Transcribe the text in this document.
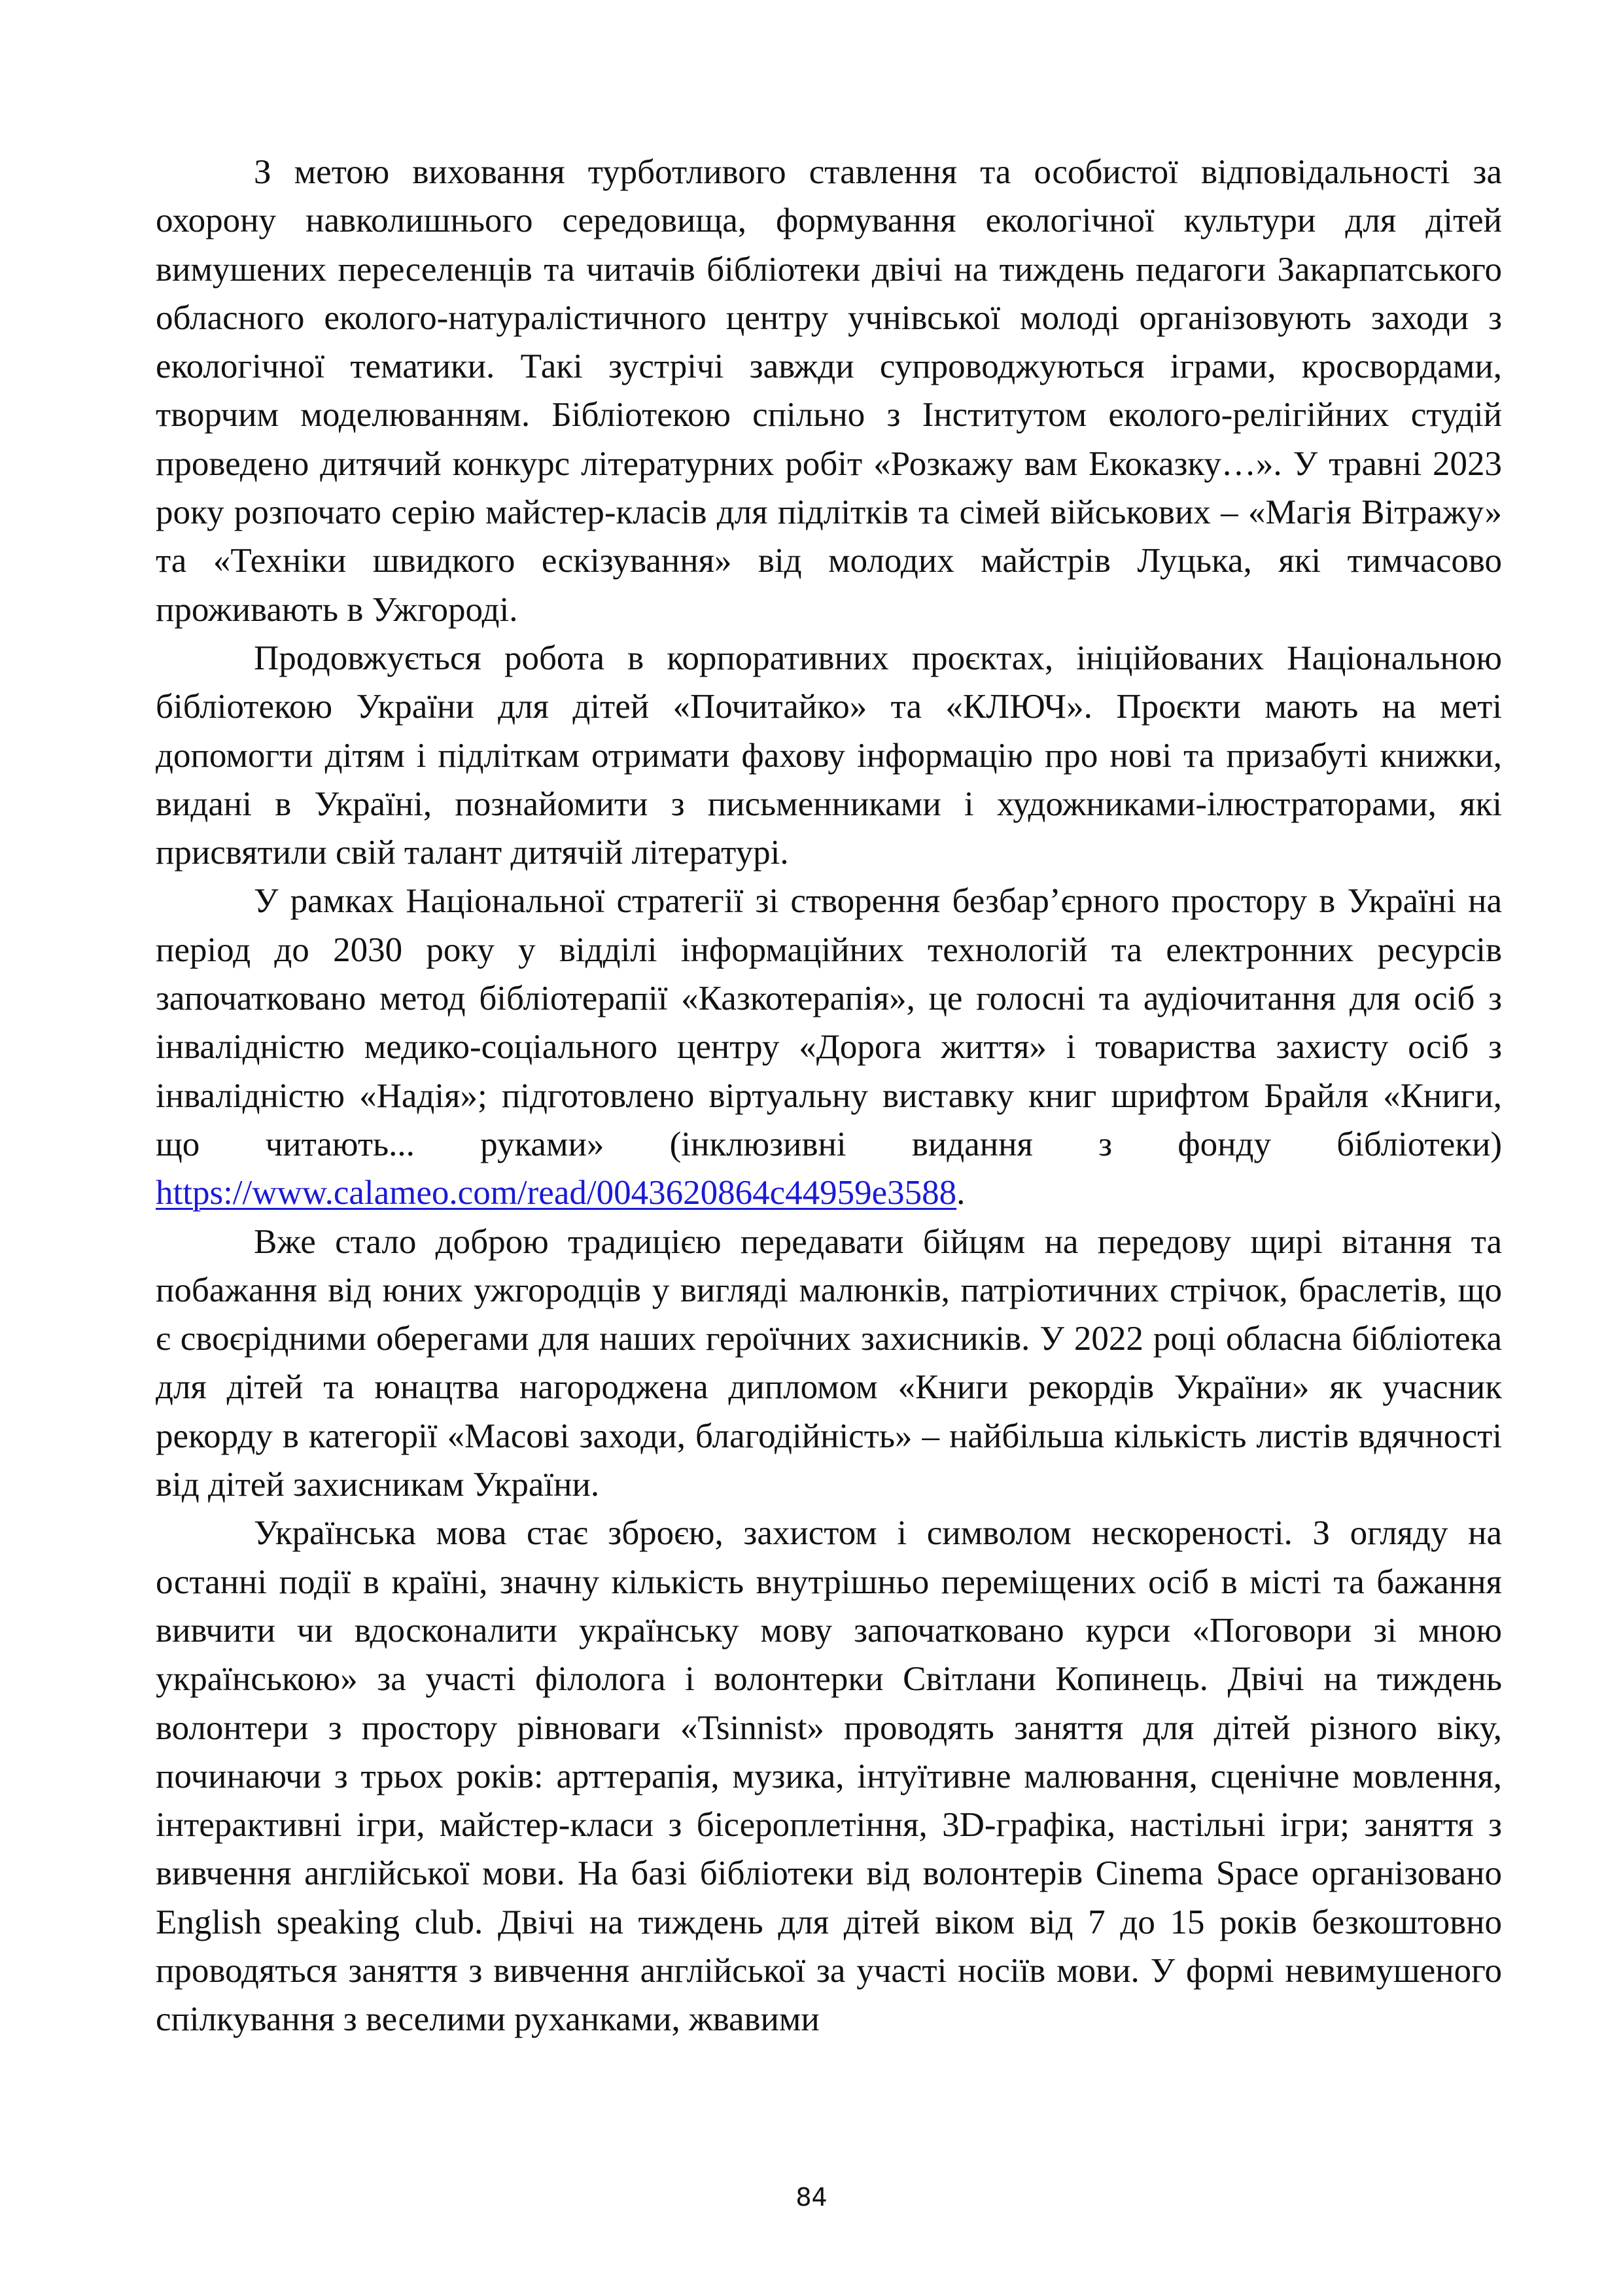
З метою виховання турботливого ставлення та особистої відповідальності за охорону навколишнього середовища, формування екологічної культури для дітей вимушених переселенців та читачів бібліотеки двічі на тиждень педагоги Закарпатського обласного еколого-натуралістичного центру учнівської молоді організовують заходи з екологічної тематики. Такі зустрічі завжди супроводжуються іграми, кросвордами, творчим моделюванням. Бібліотекою спільно з Інститутом еколого-релігійних студій проведено дитячий конкурс літературних робіт «Розкажу вам Екоказку…». У травні 2023 року розпочато серію майстер-класів для підлітків та сімей військових – «Магія Вітражу» та «Техніки швидкого ескізування» від молодих майстрів Луцька, які тимчасово проживають в Ужгороді.

Продовжується робота в корпоративних проєктах, ініційованих Національною бібліотекою України для дітей «Почитайко» та «КЛЮЧ». Проєкти мають на меті допомогти дітям і підліткам отримати фахову інформацію про нові та призабуті книжки, видані в Україні, познайомити з письменниками і художниками-ілюстраторами, які присвятили свій талант дитячій літературі.

У рамках Національної стратегії зі створення безбар’єрного простору в Україні на період до 2030 року у відділі інформаційних технологій та електронних ресурсів започатковано метод бібліотерапії «Казкотерапія», це голосні та аудіочитання для осіб з інвалідністю медико-соціального центру «Дорога життя» і товариства захисту осіб з інвалідністю «Надія»; підготовлено віртуальну виставку книг шрифтом Брайля «Книги, що читають... руками» (інклюзивні видання з фонду бібліотеки) https://www.calameo.com/read/0043620864c44959e3588.

Вже стало доброю традицією передавати бійцям на передову щирі вітання та побажання від юних ужгородців у вигляді малюнків, патріотичних стрічок, браслетів, що є своєрідними оберегами для наших героїчних захисників. У 2022 році обласна бібліотека для дітей та юнацтва нагороджена дипломом «Книги рекордів України» як учасник рекорду в категорії «Масові заходи, благодійність» – найбільша кількість листів вдячності від дітей захисникам України.

Українська мова стає зброєю, захистом і символом нескореності. З огляду на останні події в країні, значну кількість внутрішньо переміщених осіб в місті та бажання вивчити чи вдосконалити українську мову започатковано курси «Поговори зі мною українською» за участі філолога і волонтерки Світлани Копинець. Двічі на тиждень волонтери з простору рівноваги «Tsinnist» проводять заняття для дітей різного віку, починаючи з трьох років: арттерапія, музика, інтуїтивне малювання, сценічне мовлення, інтерактивні ігри, майстер-класи з бісероплетіння, 3D-графіка, настільні ігри; заняття з вивчення англійської мови. На базі бібліотеки від волонтерів Cinema Space організовано English speaking club. Двічі на тиждень для дітей віком від 7 до 15 років безкоштовно проводяться заняття з вивчення англійської за участі носіїв мови. У формі невимушеного спілкування з веселими руханками, жвавими

84
